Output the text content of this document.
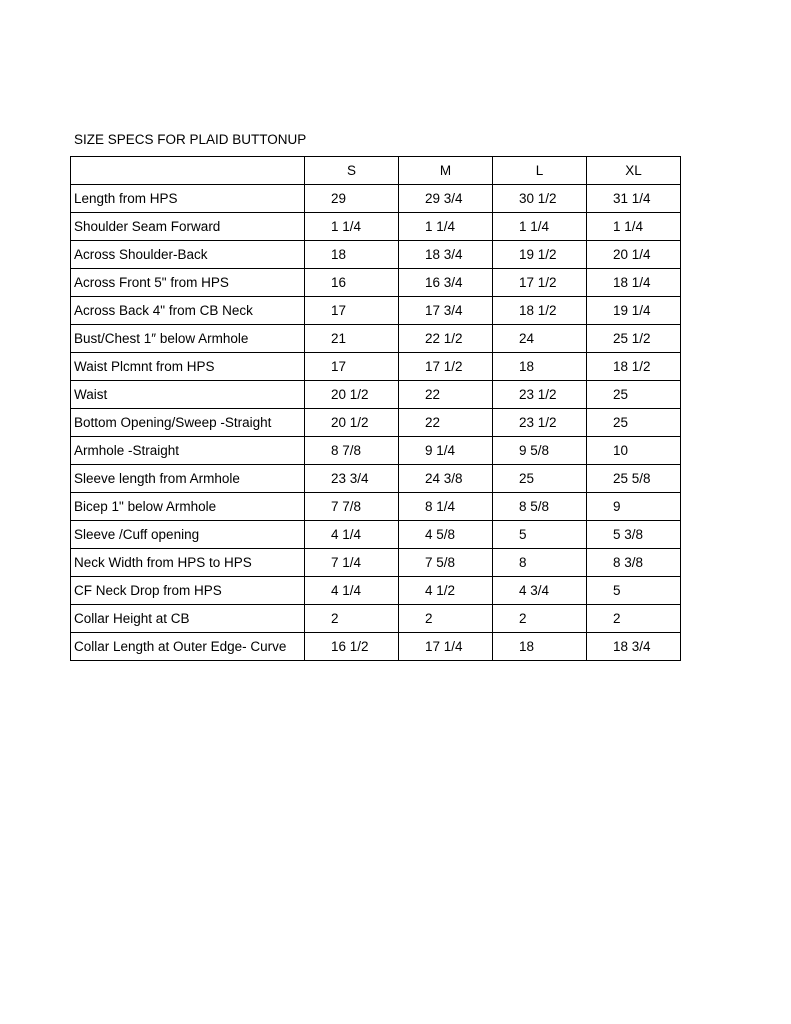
SIZE SPECS FOR PLAID BUTTONUP
	S	M	L	XL
Length from HPS	29	29 3/4	30 1/2	31 1/4
Shoulder Seam Forward	1 1/4	1 1/4	1 1/4	1 1/4
Across Shoulder-Back	18	18 3/4	19 1/2	20 1/4
Across Front 5" from HPS	16	16 3/4	17 1/2	18 1/4
Across Back 4" from CB Neck	17	17 3/4	18 1/2	19 1/4
Bust/Chest 1″ below Armhole	21	22 1/2	24	25 1/2
Waist Plcmnt from HPS	17	17 1/2	18	18 1/2
Waist	20 1/2	22	23 1/2	25
Bottom Opening/Sweep -Straight	20 1/2	22	23 1/2	25
Armhole -Straight	8 7/8	9 1/4	9 5/8	10
Sleeve length from Armhole	23 3/4	24 3/8	25	25 5/8
Bicep 1" below Armhole	7 7/8	8 1/4	8 5/8	9
Sleeve /Cuff opening	4 1/4	4 5/8	5	5 3/8
Neck Width from HPS to HPS	7 1/4	7 5/8	8	8 3/8
CF Neck Drop from HPS	4 1/4	4 1/2	4 3/4	5
Collar Height at CB	2	2	2	2
Collar Length at Outer Edge- Curve	16 1/2	17 1/4	18	18 3/4
